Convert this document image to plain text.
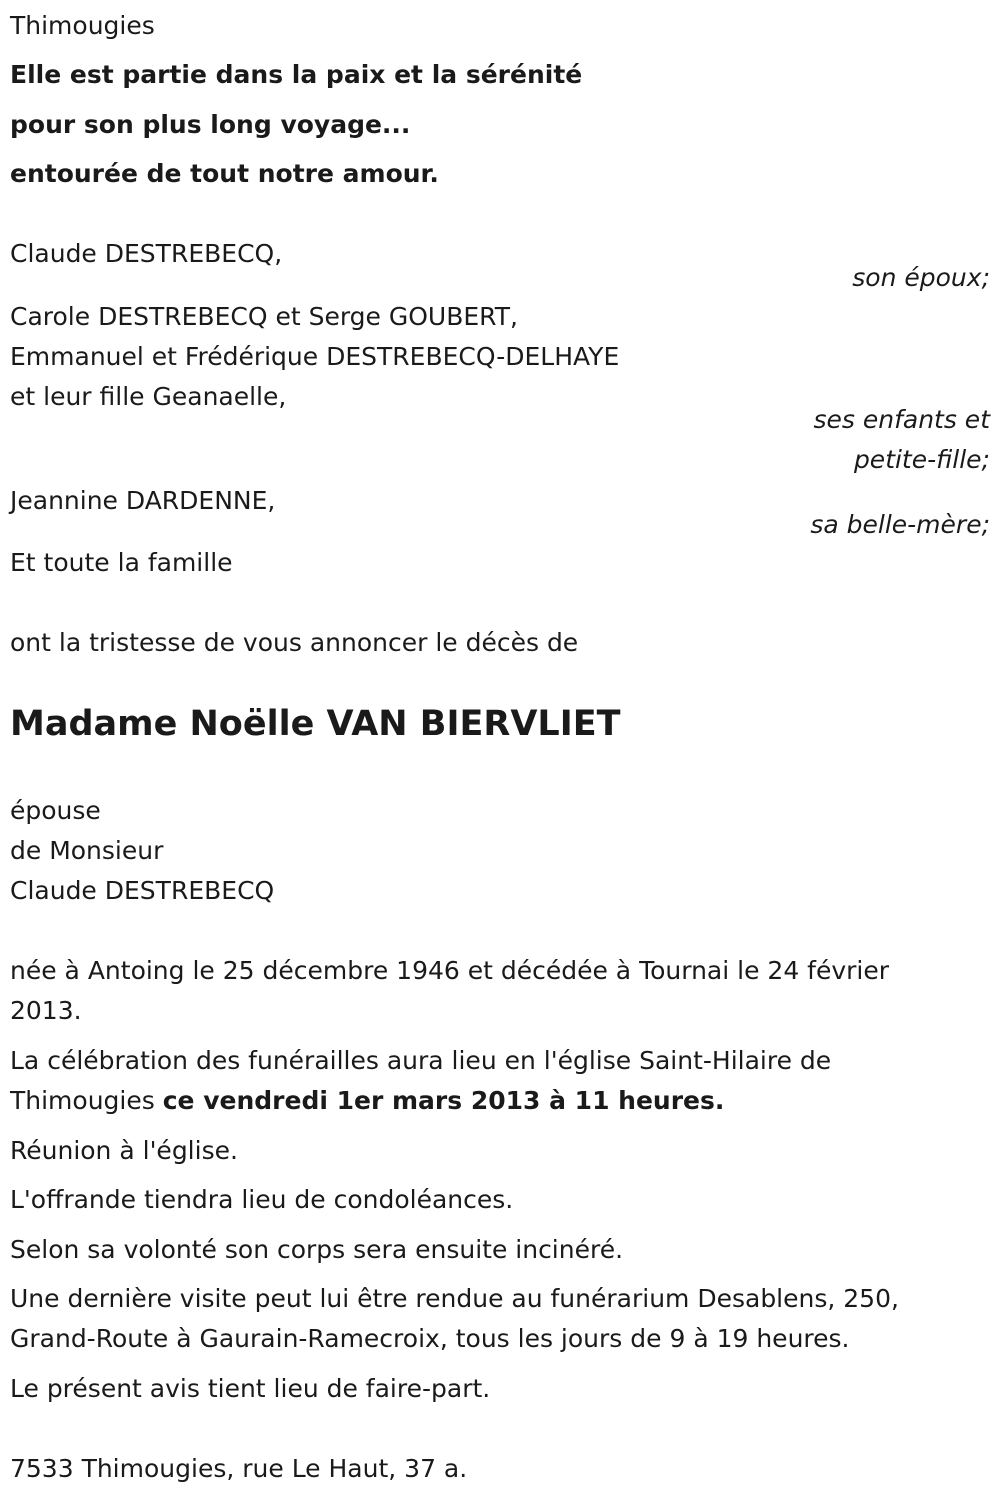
Thimougies
Elle est partie dans la paix et la sérénité
pour son plus long voyage...
entourée de tout notre amour.
Claude DESTREBECQ,
son époux;
Carole DESTREBECQ et Serge GOUBERT,
Emmanuel et Frédérique DESTREBECQ-DELHAYE
et leur fille Geanaelle,
ses enfants et
petite-fille;
Jeannine DARDENNE,
sa belle-mère;
Et toute la famille
ont la tristesse de vous annoncer le décès de
Madame Noëlle VAN BIERVLIET
épouse
de Monsieur
Claude DESTREBECQ
née à Antoing le 25 décembre 1946 et décédée à Tournai le 24 février
2013.
La célébration des funérailles aura lieu en l'église Saint-Hilaire de
Thimougies ce vendredi 1er mars 2013 à 11 heures.
Réunion à l'église.
L'offrande tiendra lieu de condoléances.
Selon sa volonté son corps sera ensuite incinéré.
Une dernière visite peut lui être rendue au funérarium Desablens, 250,
Grand-Route à Gaurain-Ramecroix, tous les jours de 9 à 19 heures.
Le présent avis tient lieu de faire-part.
7533 Thimougies, rue Le Haut, 37 a.
